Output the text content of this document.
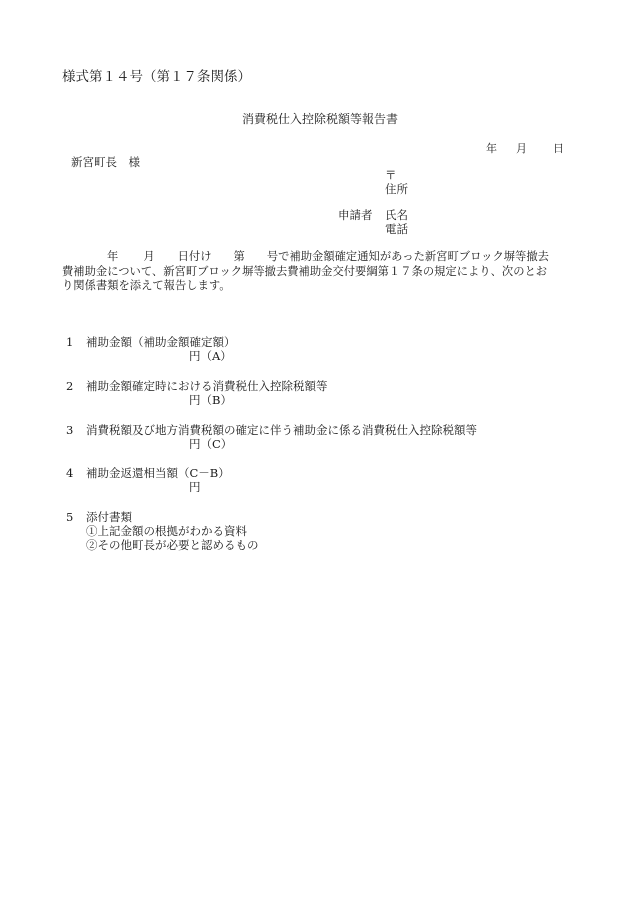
様式第１４号（第１７条関係）
消費税仕入控除税額等報告書
年 月 日
新宮町長　様
〒
住所
申請者 氏名
電話
年 月 日付け 第 号で補助金額確定通知があった新宮町ブロック塀等撤去
費補助金について、新宮町ブロック塀等撤去費補助金交付要綱第１７条の規定により、次のとお
り関係書類を添えて報告します。
1 補助金額（補助金額確定額）
円（A）
2 補助金額確定時における消費税仕入控除税額等
円（B）
3 消費税額及び地方消費税額の確定に伴う補助金に係る消費税仕入控除税額等
円（C）
4 補助金返還相当額（C－B）
円
5 添付書類
①上記金額の根拠がわかる資料
②その他町長が必要と認めるもの
